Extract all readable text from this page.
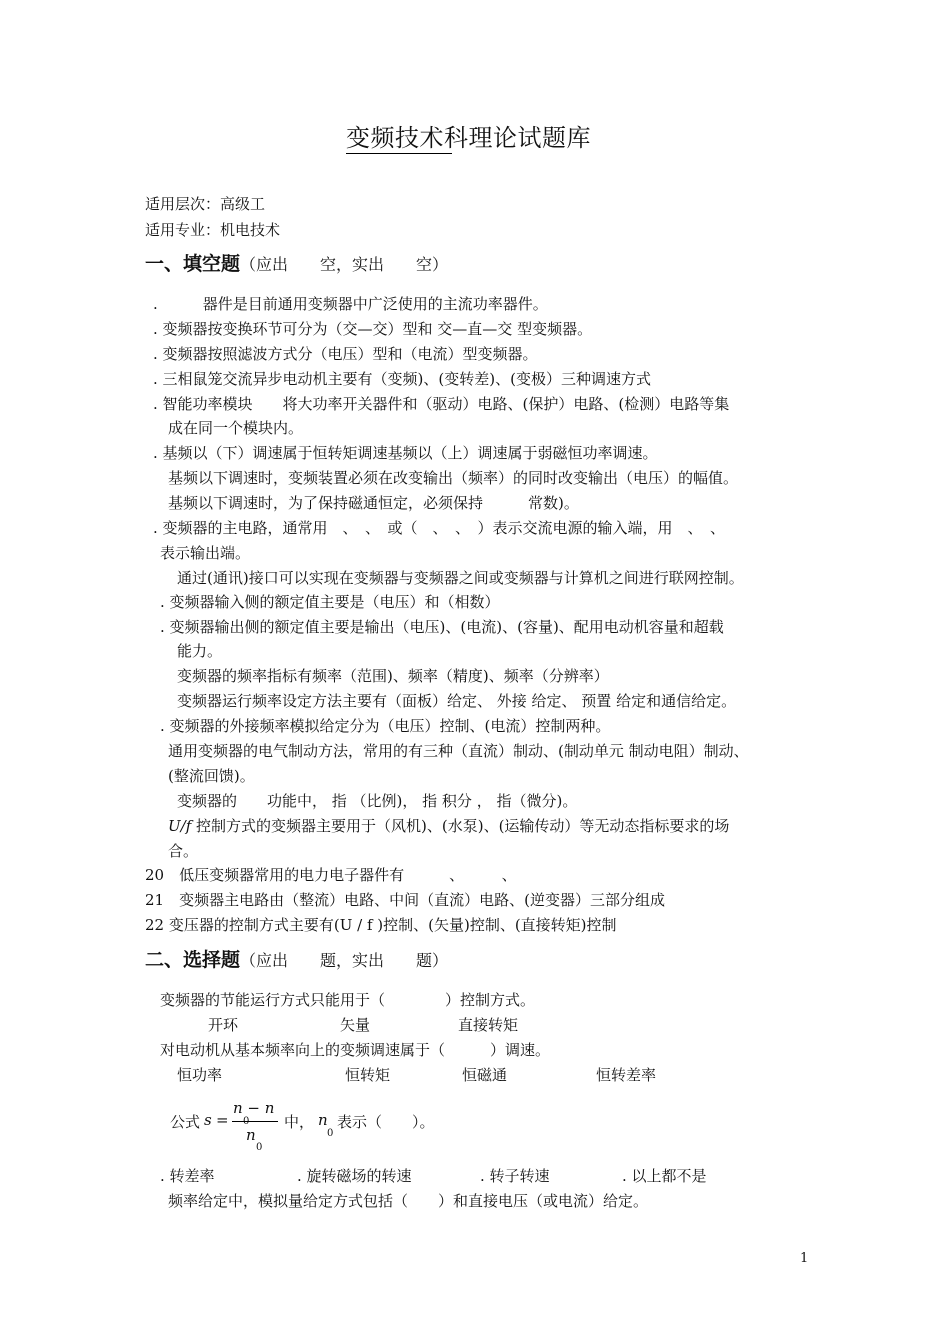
变频技术科理论试题库
适用层次：高级工
适用专业：机电技术
一、填空题（应出　　空，实出　　空）
.　　　器件是目前通用变频器中广泛使用的主流功率器件。
. 变频器按变换环节可分为（交—交）型和 交—直—交 型变频器。
. 变频器按照滤波方式分（电压）型和（电流）型变频器。
. 三相鼠笼交流异步电动机主要有（变频)、(变转差)、(变极）三种调速方式
. 智能功率模块　　将大功率开关器件和（驱动）电路、(保护）电路、(检测）电路等集
成在同一个模块内。
. 基频以（下）调速属于恒转矩调速基频以（上）调速属于弱磁恒功率调速。
基频以下调速时，变频装置必须在改变输出（频率）的同时改变输出（电压）的幅值。
基频以下调速时，为了保持磁通恒定，必须保持　　　常数)。
. 变频器的主电路，通常用　、　、　或（　、　、　）表示交流电源的输入端，用　、　、
表示输出端。
通过(通讯)接口可以实现在变频器与变频器之间或变频器与计算机之间进行联网控制。
. 变频器输入侧的额定值主要是（电压）和（相数）
. 变频器输出侧的额定值主要是输出（电压)、(电流)、(容量)、配用电动机容量和超载
能力。
变频器的频率指标有频率（范围)、频率（精度)、频率（分辨率）
变频器运行频率设定方法主要有（面板）给定、 外接 给定、 预置 给定和通信给定。
. 变频器的外接频率模拟给定分为（电压）控制、(电流）控制两种。
通用变频器的电气制动方法，常用的有三种（直流）制动、(制动单元 制动电阻）制动、
(整流回馈)。
变频器的　　功能中， 指 （比例)， 指 积分 ， 指（微分)。
U/f 控制方式的变频器主要用于（风机)、(水泵)、(运输传动）等无动态指标要求的场
合。
20　低压变频器常用的电力电子器件有　　　、　　　、
21　变频器主电路由（整流）电路、中间（直流）电路、(逆变器）三部分组成
22 变压器的控制方式主要有(U / f )控制、(矢量)控制、(直接转矩)控制
二、选择题（应出　　题，实出　　题）
变频器的节能运行方式只能用于（　　　　）控制方式。
开环	矢量	直接转矩
对电动机从基本频率向上的变频调速属于（　　　）调速。
恒功率	恒转矩	恒磁通	恒转差率
公式 s =
n − n
n
0
中， n
0
表示（　　）。
. 转差率	. 旋转磁场的转速	. 转子转速	. 以上都不是
频率给定中，模拟量给定方式包括（　　）和直接电压（或电流）给定。
1
